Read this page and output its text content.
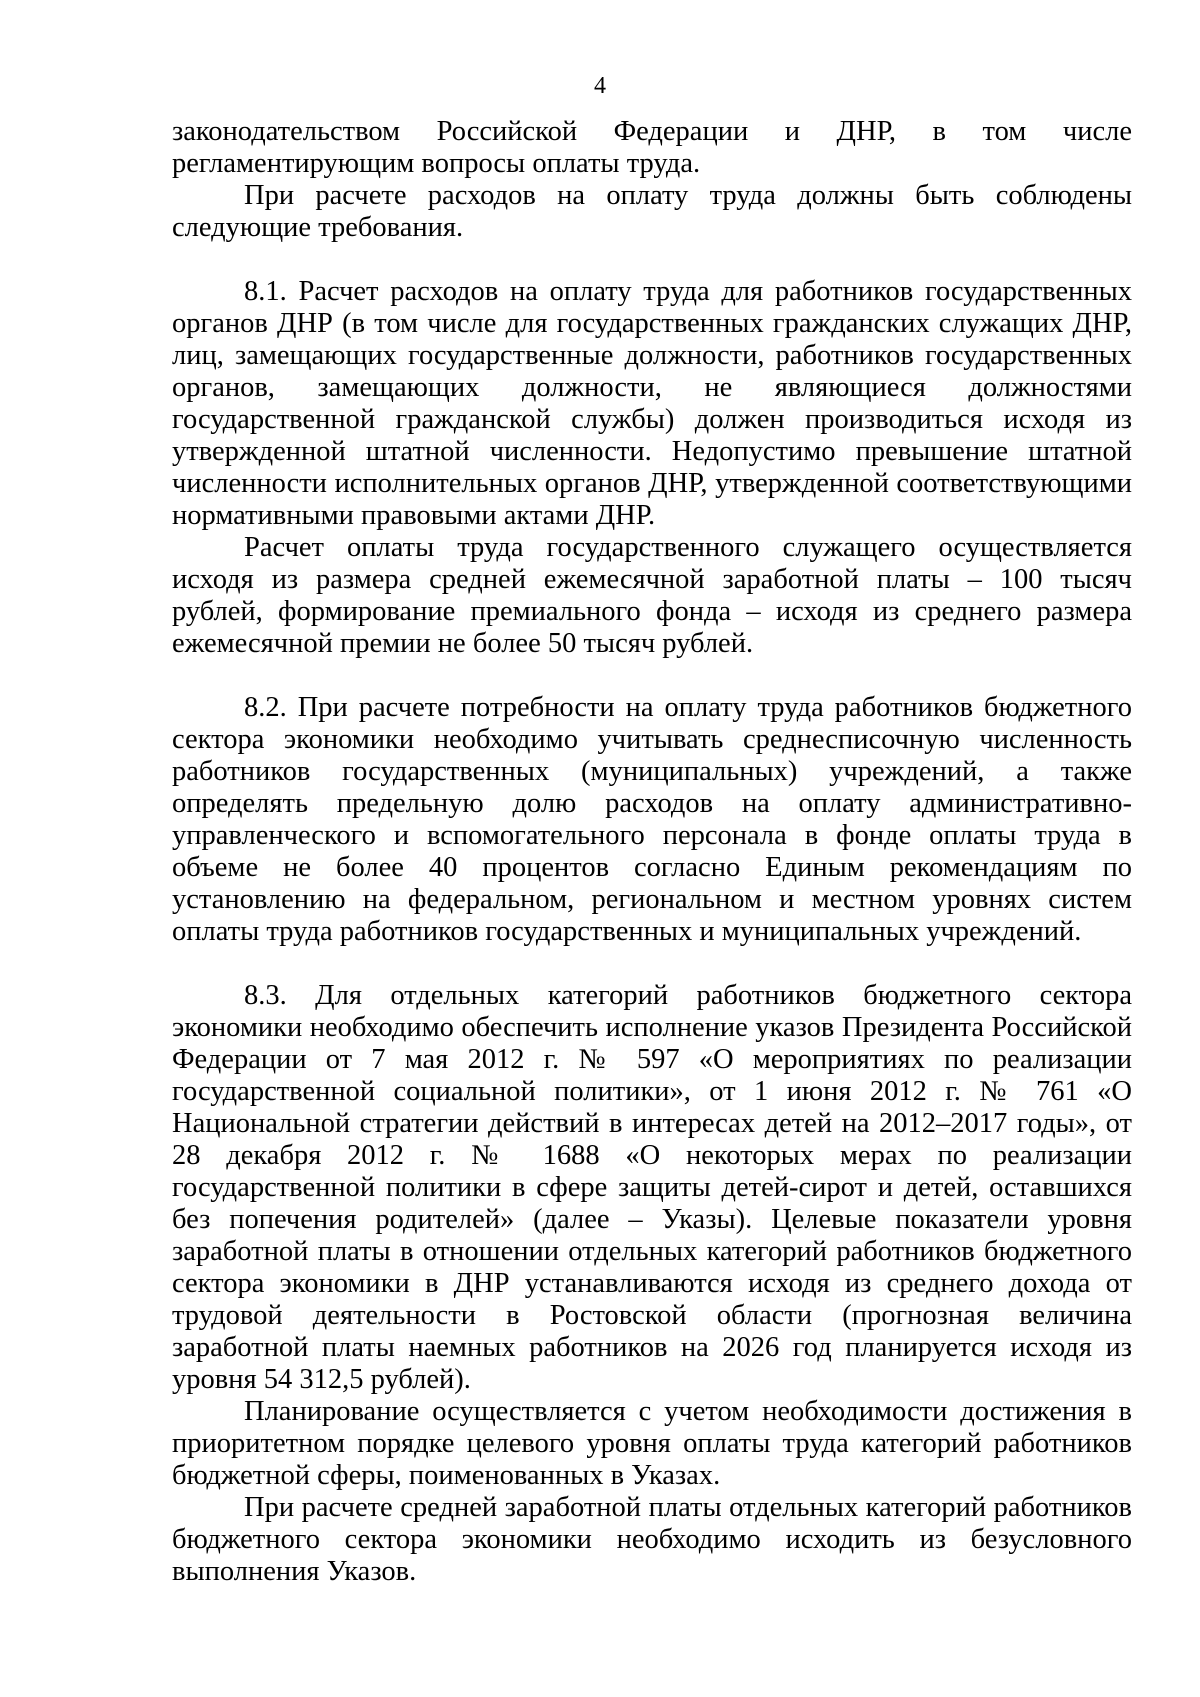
4

законодательством Российской Федерации и ДНР, в том числе регламентирующим вопросы оплаты труда.

При расчете расходов на оплату труда должны быть соблюдены следующие требования.

8.1. Расчет расходов на оплату труда для работников государственных органов ДНР (в том числе для государственных гражданских служащих ДНР, лиц, замещающих государственные должности, работников государственных органов, замещающих должности, не являющиеся должностями государственной гражданской службы) должен производиться исходя из утвержденной штатной численности. Недопустимо превышение штатной численности исполнительных органов ДНР, утвержденной соответствующими нормативными правовыми актами ДНР.

Расчет оплаты труда государственного служащего осуществляется исходя из размера средней ежемесячной заработной платы – 100 тысяч рублей, формирование премиального фонда – исходя из среднего размера ежемесячной премии не более 50 тысяч рублей.

8.2. При расчете потребности на оплату труда работников бюджетного сектора экономики необходимо учитывать среднесписочную численность работников государственных (муниципальных) учреждений, а также определять предельную долю расходов на оплату административно-управленческого и вспомогательного персонала в фонде оплаты труда в объеме не более 40 процентов согласно Единым рекомендациям по установлению на федеральном, региональном и местном уровнях систем оплаты труда работников государственных и муниципальных учреждений.

8.3. Для отдельных категорий работников бюджетного сектора экономики необходимо обеспечить исполнение указов Президента Российской Федерации от 7 мая 2012 г. № 597 «О мероприятиях по реализации государственной социальной политики», от 1 июня 2012 г. № 761 «О Национальной стратегии действий в интересах детей на 2012–2017 годы», от 28 декабря 2012 г. № 1688 «О некоторых мерах по реализации государственной политики в сфере защиты детей-сирот и детей, оставшихся без попечения родителей» (далее – Указы). Целевые показатели уровня заработной платы в отношении отдельных категорий работников бюджетного сектора экономики в ДНР устанавливаются исходя из среднего дохода от трудовой деятельности в Ростовской области (прогнозная величина заработной платы наемных работников на 2026 год планируется исходя из уровня 54 312,5 рублей).

Планирование осуществляется с учетом необходимости достижения в приоритетном порядке целевого уровня оплаты труда категорий работников бюджетной сферы, поименованных в Указах.

При расчете средней заработной платы отдельных категорий работников бюджетного сектора экономики необходимо исходить из безусловного выполнения Указов.
